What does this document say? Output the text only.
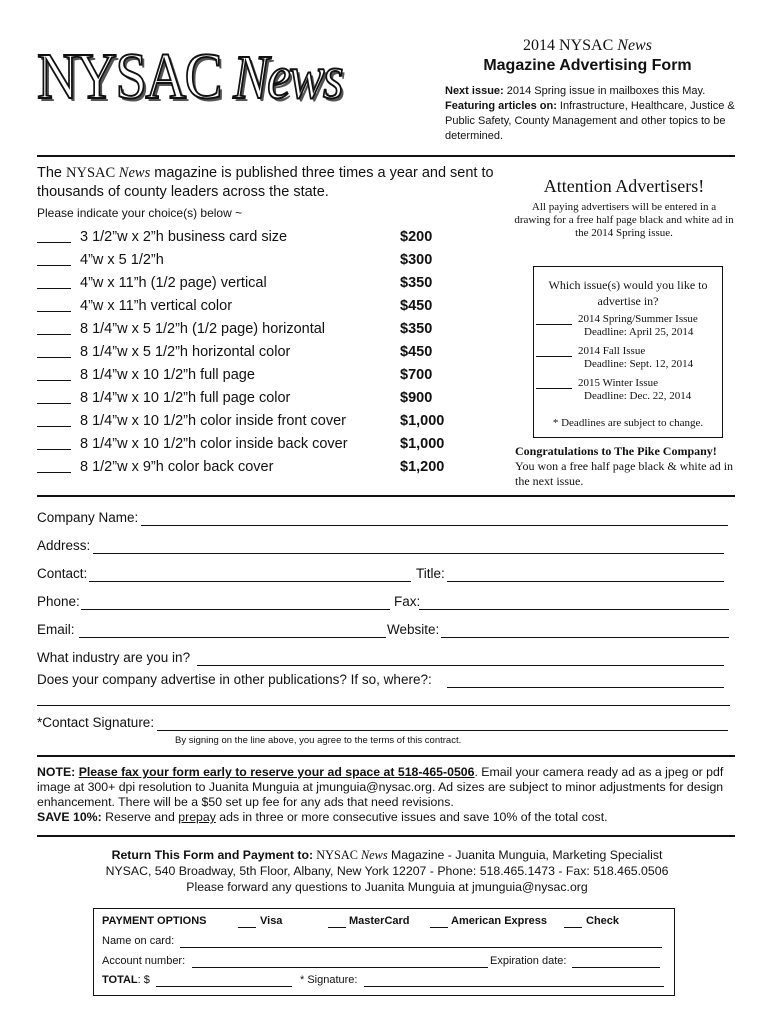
NYSAC News	2014 NYSAC News
Magazine Advertising Form
Next issue: 2014 Spring issue in mailboxes this May. Featuring articles on: Infrastructure, Healthcare, Justice & Public Safety, County Management and other topics to be determined.
The NYSAC News magazine is published three times a year and sent to thousands of county leaders across the state.
Please indicate your choice(s) below ~
3 1/2”w x 2”h business card size	$200
4”w x 5 1/2”h	$300
4”w x 11”h (1/2 page) vertical	$350
4”w x 11”h vertical color	$450
8 1/4”w x 5 1/2”h (1/2 page) horizontal	$350
8 1/4”w x 5 1/2”h horizontal color	$450
8 1/4”w x 10 1/2”h full page	$700
8 1/4”w x 10 1/2”h full page color	$900
8 1/4”w x 10 1/2”h color inside front cover	$1,000
8 1/4”w x 10 1/2”h color inside back cover	$1,000
8 1/2”w x 9”h color back cover	$1,200
Attention Advertisers!
All paying advertisers will be entered in a drawing for a free half page black and white ad in the 2014 Spring issue.
Which issue(s) would you like to advertise in?
2014 Spring/Summer Issue
Deadline: April 25, 2014
2014 Fall Issue
Deadline: Sept. 12, 2014
2015 Winter Issue
Deadline: Dec. 22, 2014
* Deadlines are subject to change.
Congratulations to The Pike Company!
You won a free half page black & white ad in the next issue.
Company Name:
Address:
Contact:	Title:
Phone:	Fax:
Email:	Website:
What industry are you in?
Does your company advertise in other publications? If so, where?:
*Contact Signature:
By signing on the line above, you agree to the terms of this contract.
NOTE: Please fax your form early to reserve your ad space at 518-465-0506. Email your camera ready ad as a jpeg or pdf image at 300+ dpi resolution to Juanita Munguia at jmunguia@nysac.org. Ad sizes are subject to minor adjustments for design enhancement. There will be a $50 set up fee for any ads that need revisions.
SAVE 10%: Reserve and prepay ads in three or more consecutive issues and save 10% of the total cost.
Return This Form and Payment to: NYSAC News Magazine - Juanita Munguia, Marketing Specialist
NYSAC, 540 Broadway, 5th Floor, Albany, New York 12207 - Phone: 518.465.1473 - Fax: 518.465.0506
Please forward any questions to Juanita Munguia at jmunguia@nysac.org
PAYMENT OPTIONS	Visa	MasterCard	American Express	Check
Name on card:
Account number:	Expiration date:
TOTAL: $	* Signature:
